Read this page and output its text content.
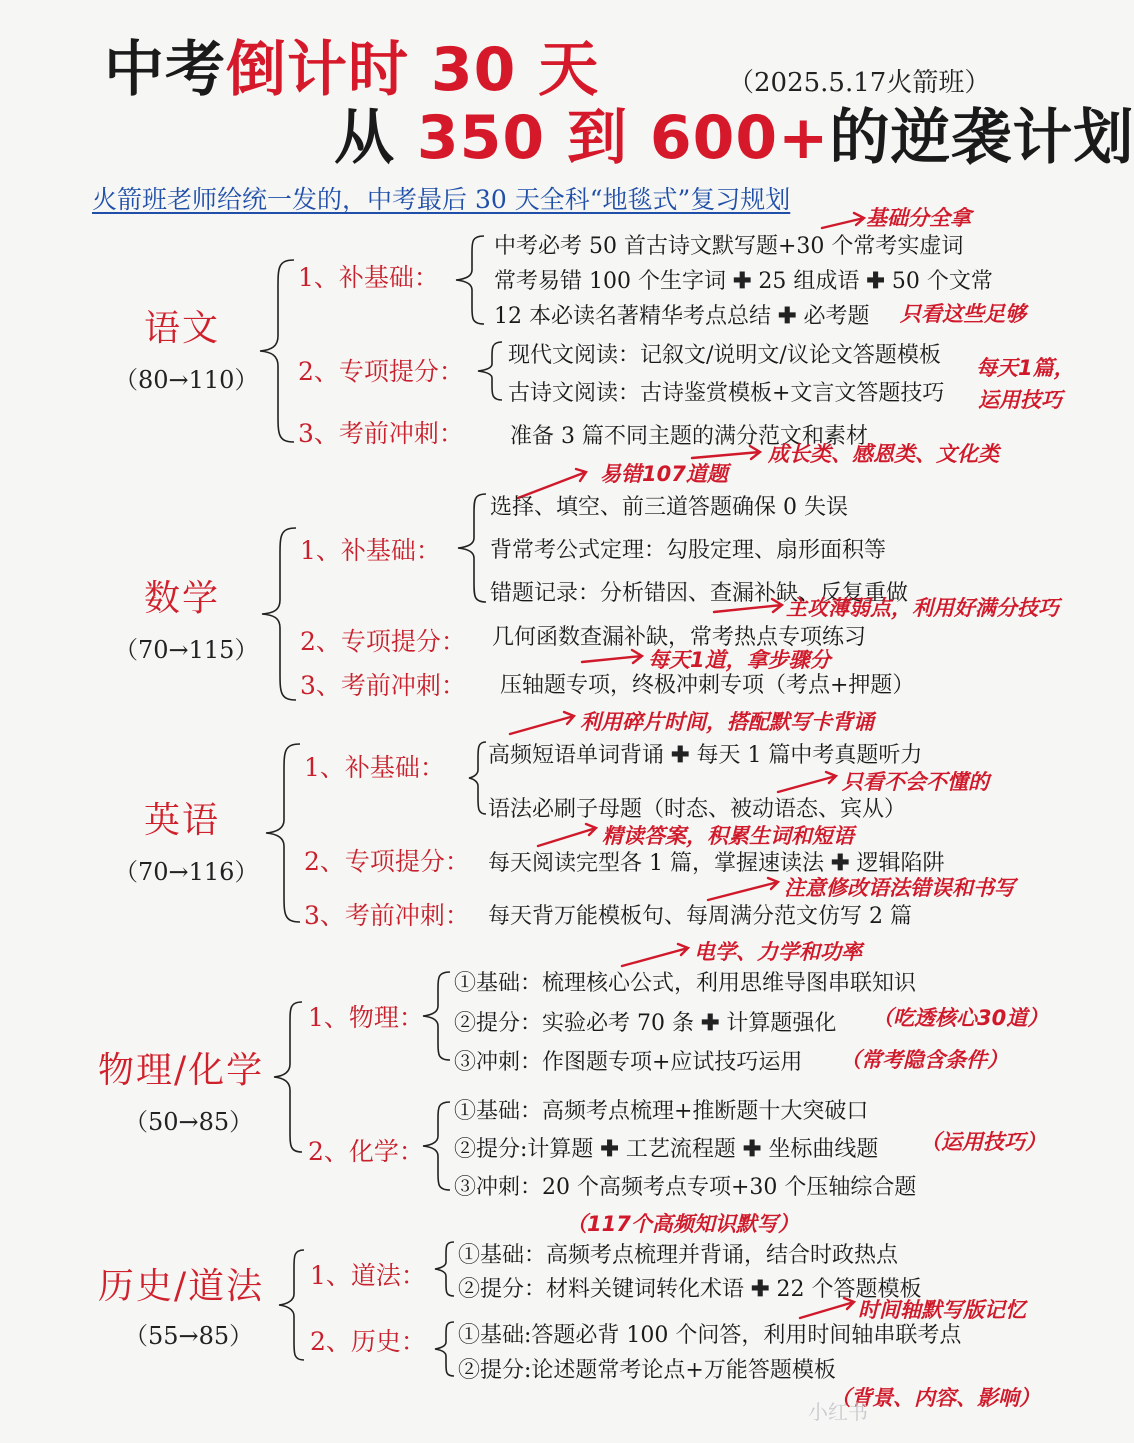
中考倒计时 30 天	（2025.5.17火箭班）
从 350 到 600+的逆袭计划
火箭班老师给统一发的，中考最后 30 天全科“地毯式”复习规划
语文
（80→110）
1、补基础：
中考必考 50 首古诗文默写题+30 个常考实虚词
常考易错 100 个生字词 ✚ 25 组成语 ✚ 50 个文常
12 本必读名著精华考点总结 ✚ 必考题
基础分全拿
只看这些足够
2、专项提分：
现代文阅读：记叙文/说明文/议论文答题模板
古诗文阅读：古诗鉴赏模板+文言文答题技巧
每天1篇，
运用技巧
3、考前冲刺： 准备 3 篇不同主题的满分范文和素材
成长类、感恩类、文化类
易错107道题
数学
（70→115）
1、补基础：
选择、填空、前三道答题确保 0 失误
背常考公式定理：勾股定理、扇形面积等
错题记录：分析错因、查漏补缺、反复重做
主攻薄弱点，利用好满分技巧
2、专项提分： 几何函数查漏补缺，常考热点专项练习
每天1道，拿步骤分
3、考前冲刺： 压轴题专项，终极冲刺专项（考点+押题）
利用碎片时间，搭配默写卡背诵
英语
（70→116）
1、补基础： 高频短语单词背诵 ✚ 每天 1 篇中考真题听力
只看不会不懂的
语法必刷子母题（时态、被动语态、宾从）
精读答案，积累生词和短语
2、专项提分： 每天阅读完型各 1 篇，掌握速读法 ✚ 逻辑陷阱
注意修改语法错误和书写
3、考前冲刺： 每天背万能模板句、每周满分范文仿写 2 篇
电学、力学和功率
物理/化学
（50→85）
1、物理：
①基础：梳理核心公式，利用思维导图串联知识
②提分：实验必考 70 条 ✚ 计算题强化 （吃透核心30道）
③冲刺：作图题专项+应试技巧运用 （常考隐含条件）
2、化学：
①基础：高频考点梳理+推断题十大突破口
②提分:计算题 ✚ 工艺流程题 ✚ 坐标曲线题 （运用技巧）
③冲刺：20 个高频考点专项+30 个压轴综合题
（117个高频知识默写）
历史/道法
（55→85）
1、道法：
①基础：高频考点梳理并背诵，结合时政热点
②提分：材料关键词转化术语 ✚ 22 个答题模板
时间轴默写版记忆
2、历史： ①基础:答题必背 100 个问答，利用时间轴串联考点
②提分:论述题常考论点+万能答题模板
（背景、内容、影响）
小红书
